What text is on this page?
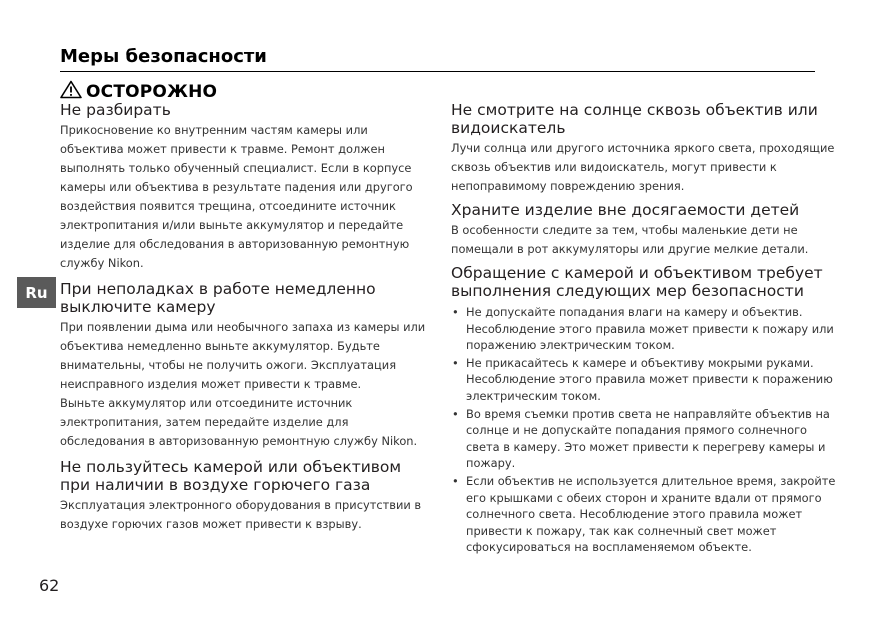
Меры безопасности
ОСТОРОЖНО
Ru
Не разбирать

Прикосновение ко внутренним частям камеры или объектива может привести к травме. Ремонт должен выполнять только обученный специалист. Если в корпусе камеры или объектива в результате падения или другого воздействия появится трещина, отсоедините источник электропитания и/или выньте аккумулятор и передайте изделие для обследования в авторизованную ремонтную службу Nikon.

При неполадках в работе немедленно выключите камеру

При появлении дыма или необычного запаха из камеры или объектива немедленно выньте аккумулятор. Будьте внимательны, чтобы не получить ожоги. Эксплуатация неисправного изделия может привести к травме.

Выньте аккумулятор или отсоедините источник электропитания, затем передайте изделие для обследования в авторизованную ремонтную службу Nikon.

Не пользуйтесь камерой или объективом при наличии в воздухе горючего газа

Эксплуатация электронного оборудования в присутствии в воздухе горючих газов может привести к взрыву.

Не смотрите на солнце сквозь объектив или видоискатель

Лучи солнца или другого источника яркого света, проходящие сквозь объектив или видоискатель, могут привести к непоправимому повреждению зрения.

Храните изделие вне досягаемости детей

В особенности следите за тем, чтобы маленькие дети не помещали в рот аккумуляторы или другие мелкие детали.

Обращение с камерой и объективом требует выполнения следующих мер безопасности
• Не допускайте попадания влаги на камеру и объектив. Несоблюдение этого правила может привести к пожару или поражению электрическим током.
• Не прикасайтесь к камере и объективу мокрыми руками. Несоблюдение этого правила может привести к поражению электрическим током.
• Во время съемки против света не направляйте объектив на солнце и не допускайте попадания прямого солнечного света в камеру. Это может привести к перегреву камеры и пожару.
• Если объектив не используется длительное время, закройте его крышками с обеих сторон и храните вдали от прямого солнечного света. Несоблюдение этого правила может привести к пожару, так как солнечный свет может сфокусироваться на воспламеняемом объекте.
62
